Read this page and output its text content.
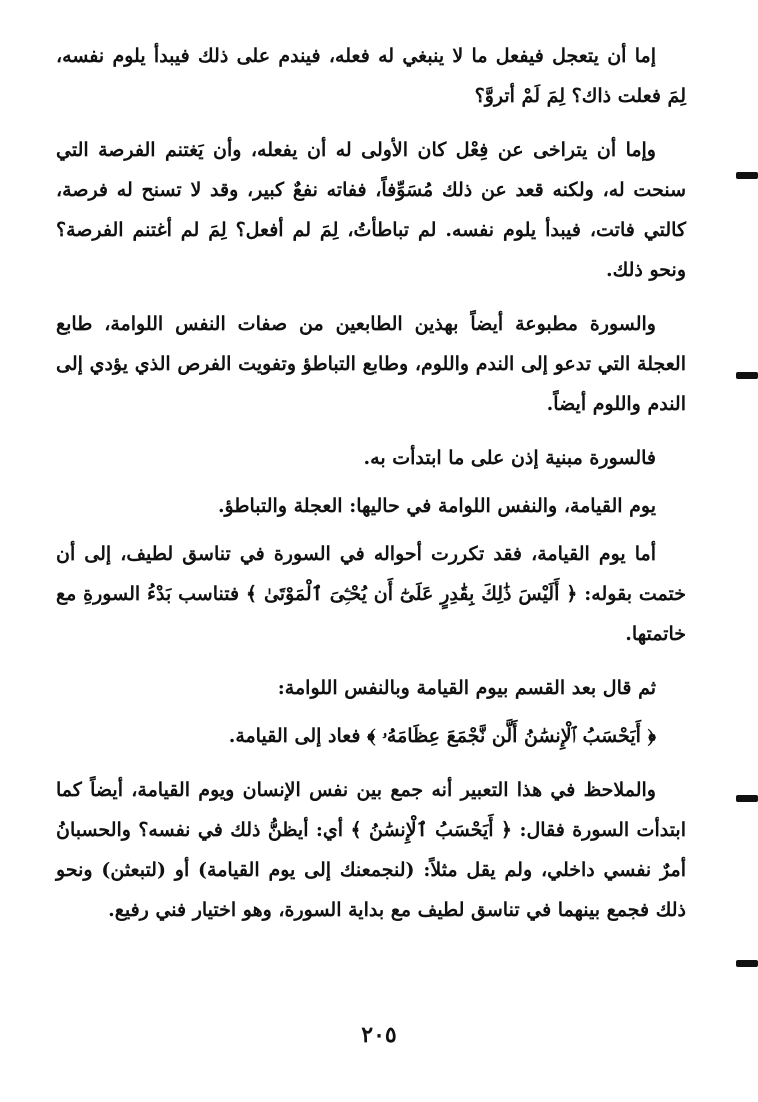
إما أن يتعجل فيفعل ما لا ينبغي له فعله، فيندم على ذلك فيبدأ يلوم نفسه، لِمَ فعلت ذاك؟ لِمَ لَمْ أتروَّ؟

وإما أن يتراخى عن فِعْل كان الأولى له أن يفعله، وأن يَغتنم الفرصة التي سنحت له، ولكنه قعد عن ذلك مُسَوِّفاً، ففاته نفعٌ كبير، وقد لا تسنح له فرصة، كالتي فاتت، فيبدأ يلوم نفسه. لم تباطأتُ، لِمَ لم أفعل؟ لِمَ لم أغتنم الفرصة؟ ونحو ذلك.

والسورة مطبوعة أيضاً بهذين الطابعين من صفات النفس اللوامة، طابع العجلة التي تدعو إلى الندم واللوم، وطابع التباطؤ وتفويت الفرص الذي يؤدي إلى الندم واللوم أيضاً.

فالسورة مبنية إذن على ما ابتدأت به.

يوم القيامة، والنفس اللوامة في حاليها: العجلة والتباطؤ.

أما يوم القيامة، فقد تكررت أحواله في السورة في تناسق لطيف، إلى أن ختمت بقوله: ﴿ أَلَيْسَ ذَٰلِكَ بِقَٰدِرٍ عَلَىٰٓ أَن يُحْـِۧىَ ٱلْمَوْتَىٰ ﴾ فتناسب بَدْءُ السورةِ مع خاتمتها.

ثم قال بعد القسم بيوم القيامة وبالنفس اللوامة:

﴿ أَيَحْسَبُ ٱلْإِنسَٰنُ أَلَّن نَّجْمَعَ عِظَامَهُۥ ﴾ فعاد إلى القيامة.

والملاحظ في هذا التعبير أنه جمع بين نفس الإنسان ويوم القيامة، أيضاً كما ابتدأت السورة فقال: ﴿ أَيَحْسَبُ ٱلْإِنسَٰنُ ﴾ أي: أيظنُّ ذلك في نفسه؟ والحسبانُ أمرٌ نفسي داخلي، ولم يقل مثلاً: (لنجمعنك إلى يوم القيامة) أو (لتبعثن) ونحو ذلك فجمع بينهما في تناسق لطيف مع بداية السورة، وهو اختيار فني رفيع.

٢٠٥
